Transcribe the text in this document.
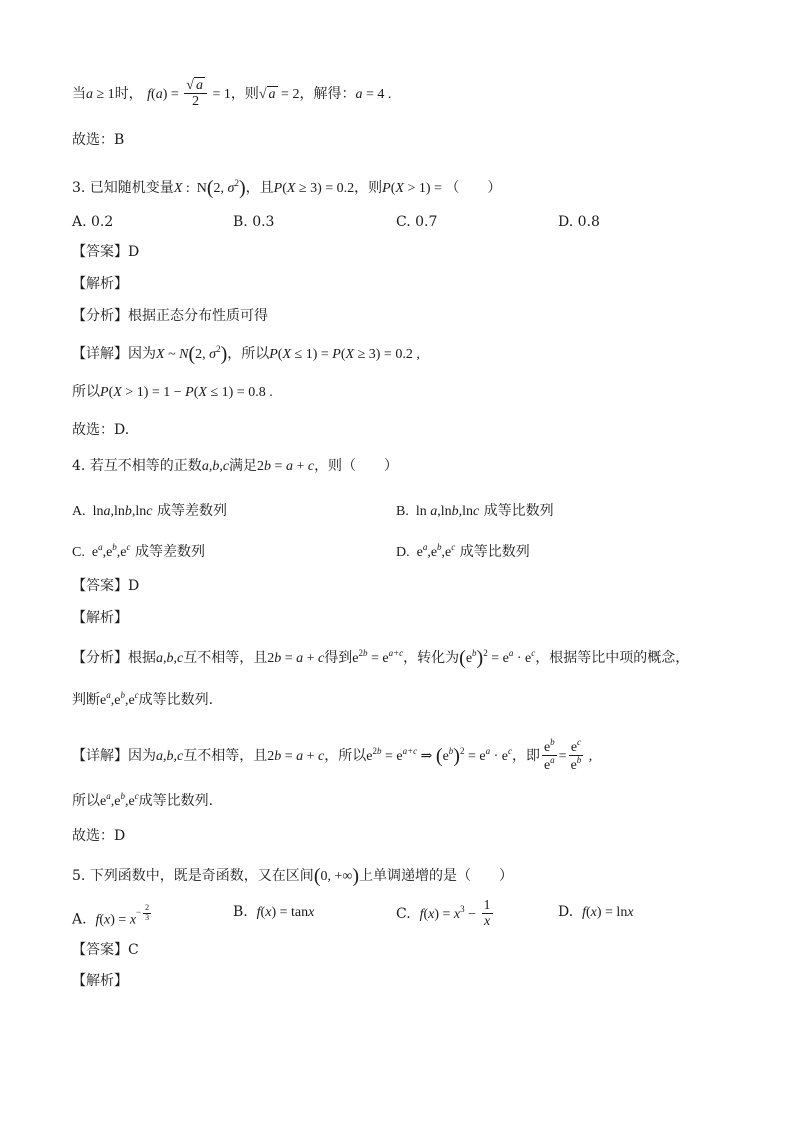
当a ≥ 1时， $f(a) = \frac{√ a}{2} = 1$，则√ a = 2，解得：a = 4 .
故选：B
3. 已知随机变量X :  N(2, $\sigma^2$)，且P(X ≥ 3) = 0.2，则P(X > 1) = （　　）
A. 0.2	B. 0.3	C. 0.7	D. 0.8
【答案】D
【解析】
【分析】根据正态分布性质可得
【详解】因为X ~ N(2, $\sigma^2$)，所以P(X ≤ 1) = P(X ≥ 3) = 0.2 ,
所以P(X > 1) = 1 − P(X ≤ 1) = 0.8 .
故选：D.
4. 若互不相等的正数a,b,c满足2b = a + c，则（　　）
A.  lna,lnb,lnc 成等差数列	B.  ln a,lnb,lnc 成等比数列
C.  $e^a,e^b,e^c$ 成等差数列	D.  $e^a,e^b,e^c$ 成等比数列
【答案】D
【解析】
【分析】根据a,b,c互不相等，且2b = a + c得到$e^{2b} = e^{a+c}$，转化为$(e^b)^2 = e^a \cdot e^c$，根据等比中项的概念，
判断$e^a,e^b,e^c$成等比数列.
【详解】因为a,b,c互不相等，且2b = a + c，所以$e^{2b} = e^{a+c}$ ⇒ $(e^b)^2 = e^a \cdot e^c$，即 $\frac{e^b}{e^a} = \frac{e^c}{e^b}$ ,
所以$e^a,e^b,e^c$成等比数列.
故选：D
5. 下列函数中，既是奇函数，又在区间(0, +∞)上单调递增的是（　　）
A. $f(x) = x^{- \frac{2}{3}}$	B. f(x) = tanx	C. $f(x) = x^3 - \frac{1}{x}$	D. f(x) = lnx
【答案】C
【解析】
